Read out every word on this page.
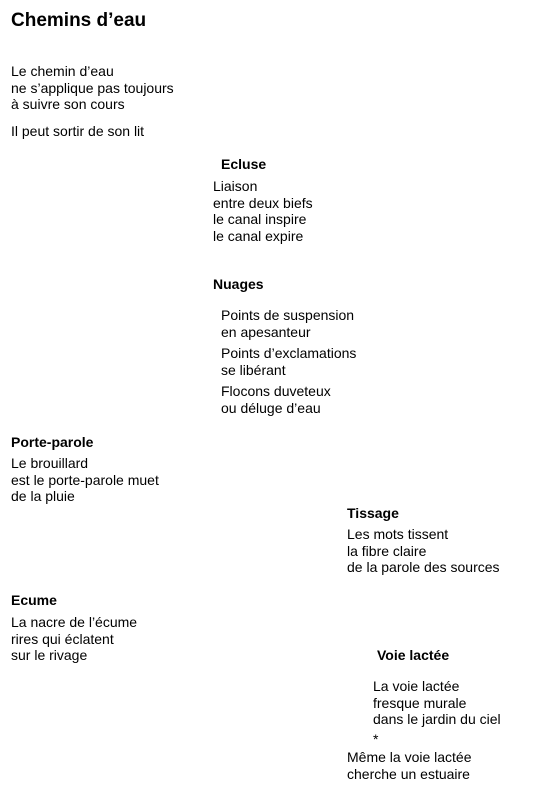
Chemins d’eau
Le chemin d’eau
ne s’applique pas toujours
à suivre son cours
Il peut sortir de son lit
Ecluse
Liaison
entre deux biefs
le canal inspire
le canal expire
Nuages
Points de suspension
en apesanteur
Points d’exclamations
se libérant
Flocons duveteux
ou déluge d’eau
Porte-parole
Le brouillard
est le porte-parole muet
de la pluie
Tissage
Les mots tissent
la fibre claire
de la parole des sources
Ecume
La nacre de l’écume
rires qui éclatent
sur le rivage	Voie lactée
La voie lactée
fresque murale
dans le jardin du ciel
*
Même la voie lactée
cherche un estuaire
